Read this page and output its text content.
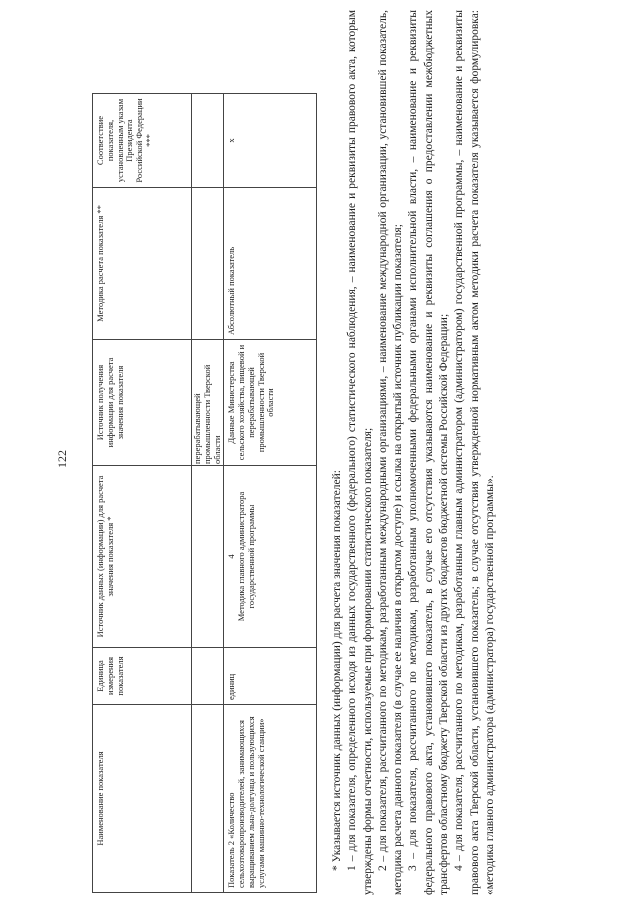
122
Наименование показателя	Единица измерения показателя	Источник данных (информации) для расчета значения показателя *	Источник получения информации для расчета значения показателя	Методика расчета показателя **	Соответствие показателя, установленным указам Президента Российской Федерации ***
			перерабатывающей промышленности Тверской области		
Показатель 2 «Количество сельхозтоваропроизводителей, занимающихся выращиванием льна-долгунца и пользующихся услугами машинно-технологической станции»	единиц	4 Методика главного администратора государственной программы	Данные Министерства сельского хозяйства, пищевой и перерабатывающей промышленности Тверской области	Абсолютный показатель	x

* Указывается источник данных (информации) для расчета значения показателей: 1 – для показателя, определенного исходя из данных государственного (федерального) статистического наблюдения, – наименование и реквизиты правового акта, которым утверждены формы отчетности, используемые при формировании статистического показателя; 2 – для показателя, рассчитанного по методикам, разработанным международными организациями, – наименование международной организации, установившей показатель, методика расчета данного показателя (в случае ее наличия в открытом доступе) и ссылка на открытый источник публикации показателя; 3 – для показателя, рассчитанного по методикам, разработанным уполномоченными федеральными органами исполнительной власти, – наименование и реквизиты федерального правового акта, установившего показатель, в случае его отсутствия указываются наименование и реквизиты соглашения о предоставлении межбюджетных трансфертов областному бюджету Тверской области из других бюджетов бюджетной системы Российской Федерации; 4 – для показателя, рассчитанного по методикам, разработанным главным администратором (администратором) государственной программы, – наименование и реквизиты правового акта Тверской области, установившего показатель; в случае отсутствия утвержденной нормативным актом методики расчета показателя указывается формулировка: «методика главного администратора (администратора) государственной программы».
